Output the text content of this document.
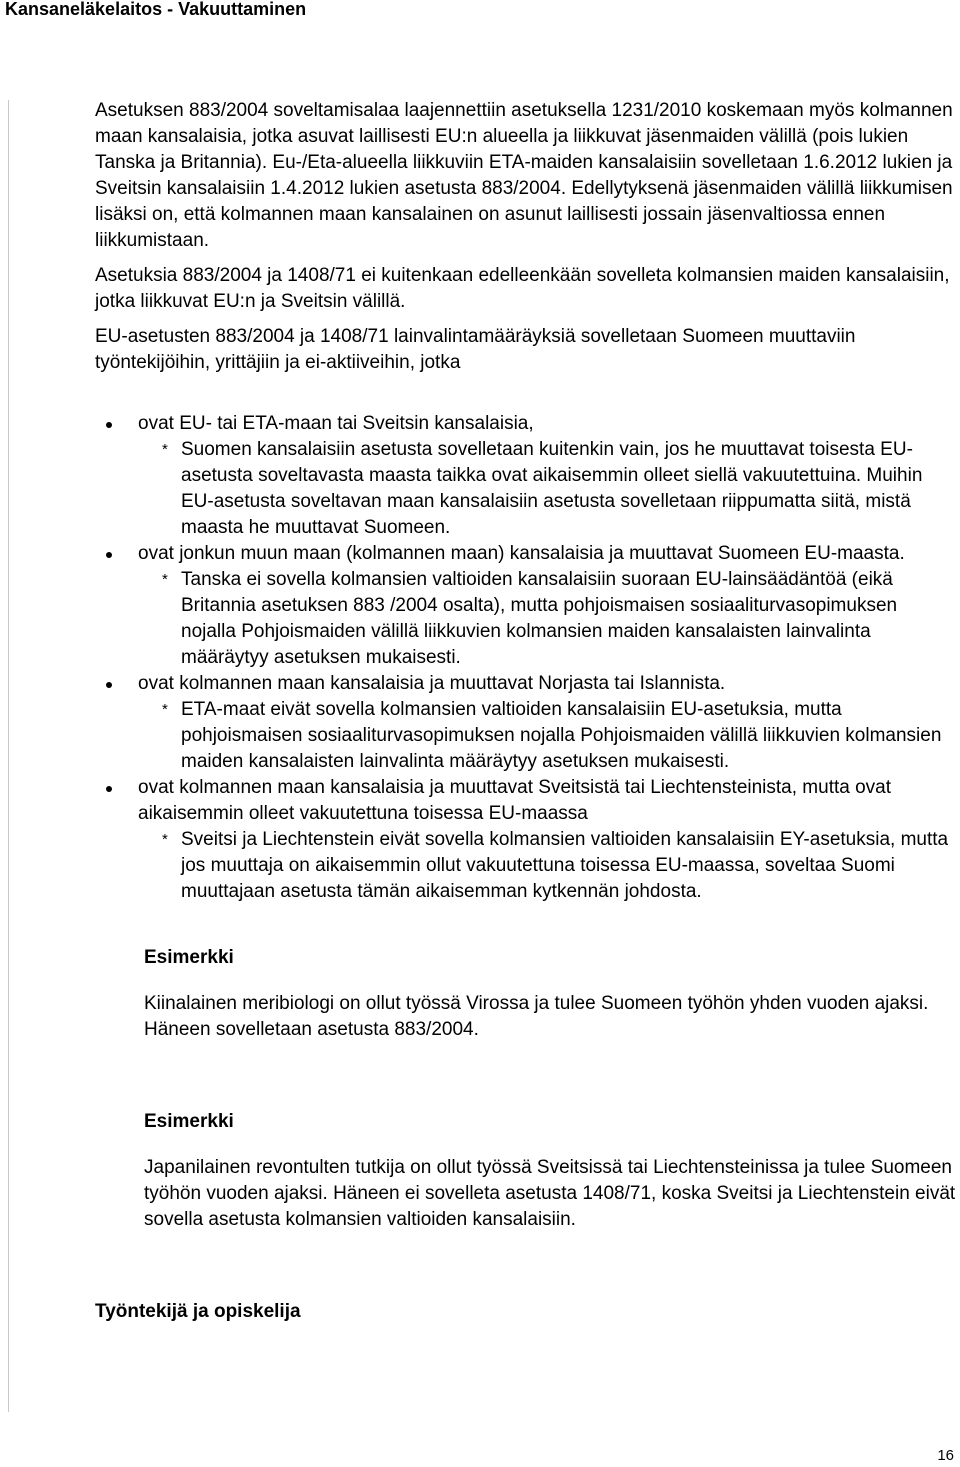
Kansaneläkelaitos - Vakuuttaminen

Asetuksen 883/2004 soveltamisalaa laajennettiin asetuksella 1231/2010 koskemaan myös kolmannen maan kansalaisia, jotka asuvat laillisesti EU:n alueella ja liikkuvat jäsenmaiden välillä (pois lukien Tanska ja Britannia). Eu-/Eta-alueella liikkuviin ETA-maiden kansalaisiin sovelletaan 1.6.2012 lukien ja Sveitsin kansalaisiin 1.4.2012 lukien asetusta 883/2004. Edellytyksenä jäsenmaiden välillä liikkumisen lisäksi on, että kolmannen maan kansalainen on asunut laillisesti jossain jäsenvaltiossa ennen liikkumistaan.

Asetuksia 883/2004 ja 1408/71 ei kuitenkaan edelleenkään sovelleta kolmansien maiden kansalaisiin, jotka liikkuvat EU:n ja Sveitsin välillä.

EU-asetusten 883/2004 ja 1408/71 lainvalintamääräyksiä sovelletaan Suomeen muuttaviin työntekijöihin, yrittäjiin ja ei-aktiiveihin, jotka

ovat EU- tai ETA-maan tai Sveitsin kansalaisia,
* Suomen kansalaisiin asetusta sovelletaan kuitenkin vain, jos he muuttavat toisesta EU-asetusta soveltavasta maasta taikka ovat aikaisemmin olleet siellä vakuutettuina. Muihin EU-asetusta soveltavan maan kansalaisiin asetusta sovelletaan riippumatta siitä, mistä maasta he muuttavat Suomeen.
ovat jonkun muun maan (kolmannen maan) kansalaisia ja muuttavat Suomeen EU-maasta.
* Tanska ei sovella kolmansien valtioiden kansalaisiin suoraan EU-lainsäädäntöä (eikä Britannia asetuksen 883 /2004 osalta), mutta pohjoismaisen sosiaaliturvasopimuksen nojalla Pohjoismaiden välillä liikkuvien kolmansien maiden kansalaisten lainvalinta määräytyy asetuksen mukaisesti.
ovat kolmannen maan kansalaisia ja muuttavat Norjasta tai Islannista.
* ETA-maat eivät sovella kolmansien valtioiden kansalaisiin EU-asetuksia, mutta pohjoismaisen sosiaaliturvasopimuksen nojalla Pohjoismaiden välillä liikkuvien kolmansien maiden kansalaisten lainvalinta määräytyy asetuksen mukaisesti.
ovat kolmannen maan kansalaisia ja muuttavat Sveitsistä tai Liechtensteinista, mutta ovat aikaisemmin olleet vakuutettuna toisessa EU-maassa
* Sveitsi ja Liechtenstein eivät sovella kolmansien valtioiden kansalaisiin EY-asetuksia, mutta jos muuttaja on aikaisemmin ollut vakuutettuna toisessa EU-maassa, soveltaa Suomi muuttajaan asetusta tämän aikaisemman kytkennän johdosta.
Esimerkki

Kiinalainen meribiologi on ollut työssä Virossa ja tulee Suomeen työhön yhden vuoden ajaksi. Häneen sovelletaan asetusta 883/2004.

Esimerkki

Japanilainen revontulten tutkija on ollut työssä Sveitsissä tai Liechtensteinissa ja tulee Suomeen työhön vuoden ajaksi. Häneen ei sovelleta asetusta 1408/71, koska Sveitsi ja Liechtenstein eivät sovella asetusta kolmansien valtioiden kansalaisiin.

Työntekijä ja opiskelija
16
